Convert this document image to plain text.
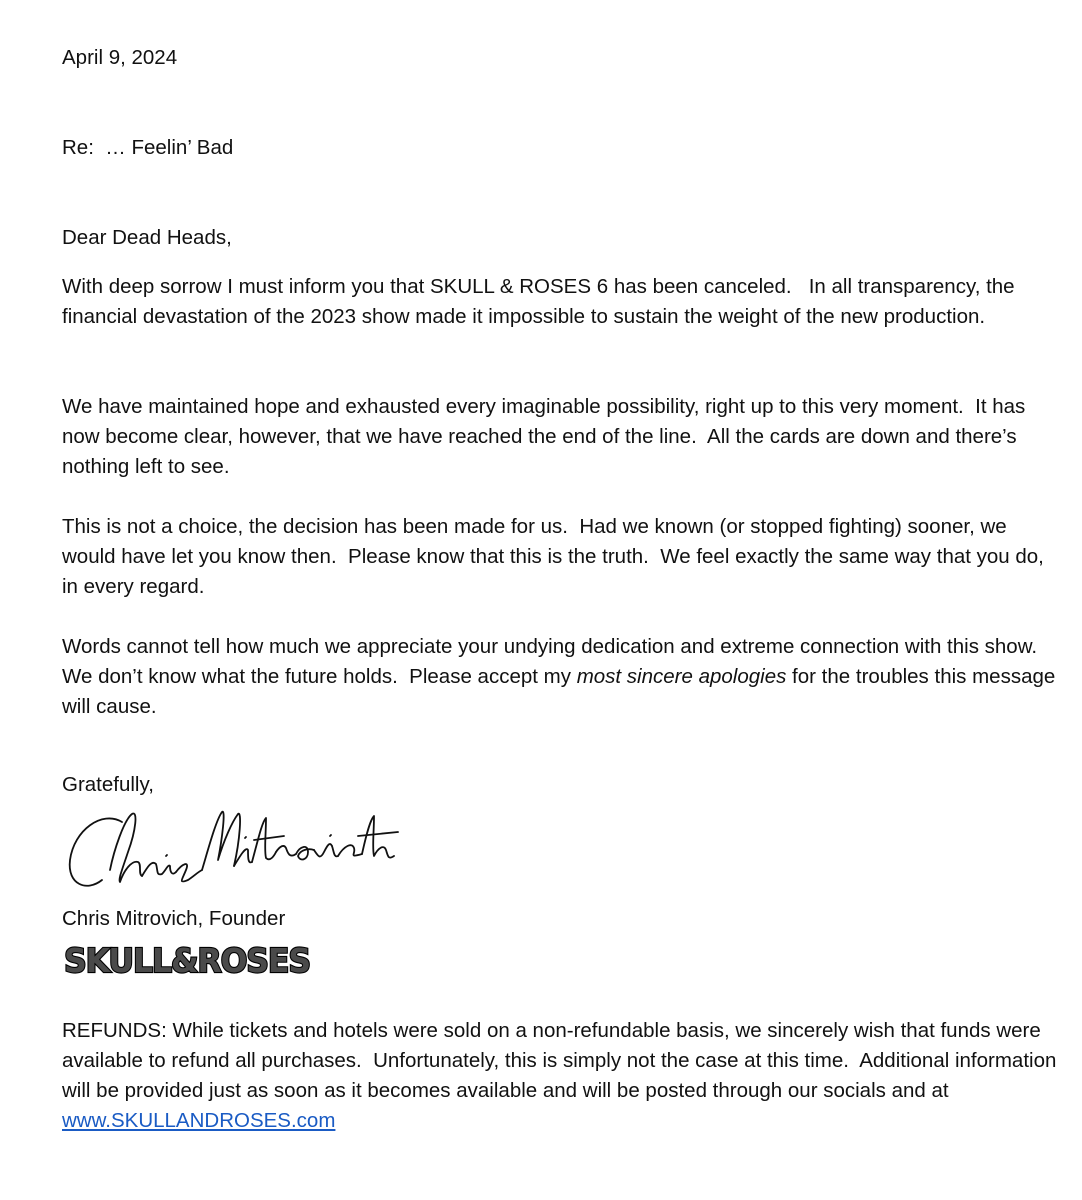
April 9, 2024
Re:  … Feelin’ Bad
Dear Dead Heads,

With deep sorrow I must inform you that SKULL & ROSES 6 has been canceled.   In all transparency, the financial devastation of the 2023 show made it impossible to sustain the weight of the new production.

We have maintained hope and exhausted every imaginable possibility, right up to this very moment.  It has now become clear, however, that we have reached the end of the line.  All the cards are down and there’s nothing left to see.

This is not a choice, the decision has been made for us.  Had we known (or stopped fighting) sooner, we would have let you know then.  Please know that this is the truth.  We feel exactly the same way that you do, in every regard.

Words cannot tell how much we appreciate your undying dedication and extreme connection with this show.  We don’t know what the future holds.  Please accept my most sincere apologies for the troubles this message will cause.

Gratefully,
Chris Mitrovich, Founder
SKULL&ROSES

REFUNDS: While tickets and hotels were sold on a non-refundable basis, we sincerely wish that funds were available to refund all purchases.  Unfortunately, this is simply not the case at this time.  Additional information will be provided just as soon as it becomes available and will be posted through our socials and at www.SKULLANDROSES.com
